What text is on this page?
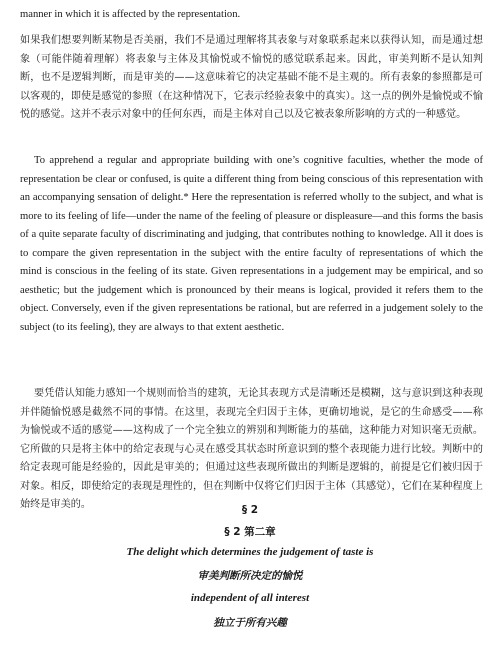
manner in which it is affected by the representation.

如果我们想要判断某物是否美丽，我们不是通过理解将其表象与对象联系起来以获得认知，而是通过想象（可能伴随着理解）将表象与主体及其愉悦或不愉悦的感觉联系起来。因此，审美判断不是认知判断，也不是逻辑判断，而是审美的——这意味着它的决定基础不能不是主观的。所有表象的参照都是可以客观的，即使是感觉的参照（在这种情况下，它表示经验表象中的真实）。这一点的例外是愉悦或不愉悦的感觉。这并不表示对象中的任何东西，而是主体对自己以及它被表象所影响的方式的一种感觉。

To apprehend a regular and appropriate building with one’s cognitive faculties, whether the mode of representation be clear or confused, is quite a different thing from being conscious of this representation with an accompanying sensation of delight.* Here the representation is referred wholly to the subject, and what is more to its feeling of life—under the name of the feeling of pleasure or displeasure—and this forms the basis of a quite separate faculty of discriminating and judging, that contributes nothing to knowledge. All it does is to compare the given representation in the subject with the entire faculty of representations of which the mind is conscious in the feeling of its state. Given representations in a judgement may be empirical, and so aesthetic; but the judgement which is pronounced by their means is logical, provided it refers them to the object. Conversely, even if the given representations be rational, but are referred in a judgement solely to the subject (to its feeling), they are always to that extent aesthetic.

要凭借认知能力感知一个规则而恰当的建筑，无论其表现方式是清晰还是模糊，这与意识到这种表现并伴随愉悦感是截然不同的事情。在这里，表现完全归因于主体，更确切地说，是它的生命感受——称为愉悦或不适的感觉——这构成了一个完全独立的辨别和判断能力的基础，这种能力对知识毫无贡献。它所做的只是将主体中的给定表现与心灵在感受其状态时所意识到的整个表现能力进行比较。判断中的给定表现可能是经验的，因此是审美的；但通过这些表现所做出的判断是逻辑的，前提是它们被归因于对象。相反，即使给定的表现是理性的，但在判断中仅将它们归因于主体（其感觉），它们在某种程度上始终是审美的。	§ 2

§ 2 第二章

The delight which determines the judgement of taste is

审美判断所决定的愉悦

independent of all interest

独立于所有兴趣
